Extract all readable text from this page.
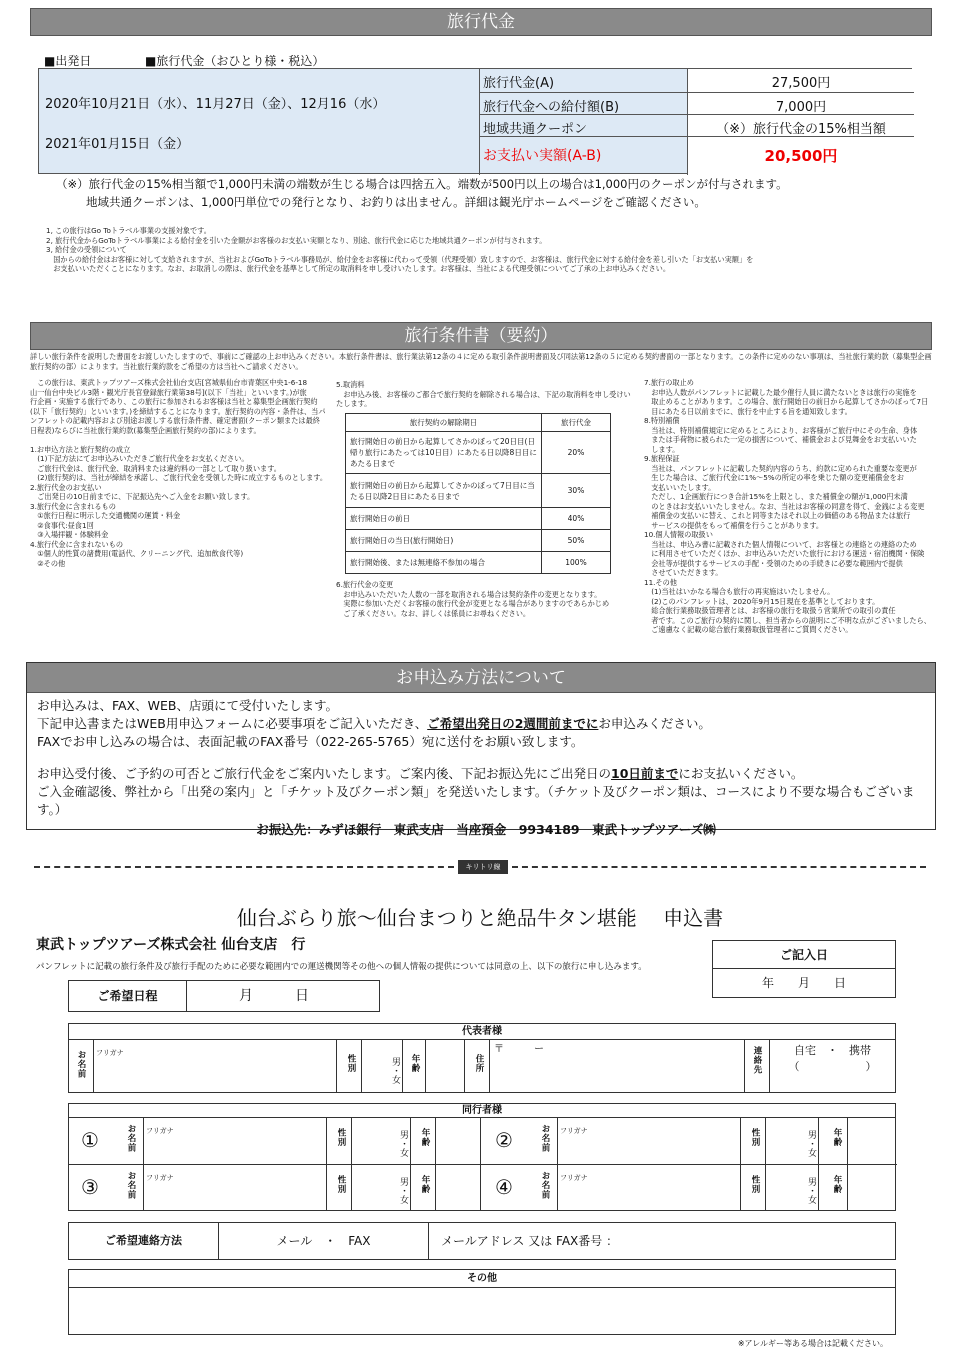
旅行代金
■出発日	■旅行代金（おひとり様・税込）
2020年10月21日（水）、11月27日（金）、12月16（水）
2021年01月15日（金）
旅行代金(A)	27,500円
旅行代金への給付額(B)	7,000円
地域共通クーポン	（※）旅行代金の15%相当額
お支払い実額(A-B)	20,500円
（※）旅行代金の15%相当額で1,000円未満の端数が生じる場合は四捨五入。端数が500円以上の場合は1,000円のクーポンが付与されます。
地域共通クーポンは、1,000円単位での発行となり、お釣りは出ません。詳細は観光庁ホームページをご確認ください。
1, この旅行はGo Toトラベル事業の支援対象です。
2, 旅行代金からGoToトラベル事業による給付金を引いた金額がお客様のお支払い実額となり、別途、旅行代金に応じた地域共通クーポンが付与されます。
3, 給付金の受領について
　国からの給付金はお客様に対して支給されますが、当社およびGoToトラベル事務局が、給付金をお客様に代わって受領（代理受領）致しますので、お客様は、旅行代金に対する給付金を差し引いた「お支払い実額」を
　お支払いいただくことになります。なお、お取消しの際は、旅行代金を基準として所定の取消料を申し受けいたします。お客様は、当社による代理受領についてご了承の上お申込みください。
旅行条件書（要約）
詳しい旅行条件を説明した書面をお渡しいたしますので、事前にご確認の上お申込みください。本旅行条件書は、旅行業法第12条の４に定める取引条件説明書面及び同法第12条の５に定める契約書面の一部となります。この条件に定めのない事項は、当社旅行業約款（募集型企画旅行契約の部）によります。当社旅行業約款をご希望の方は当社へご請求ください。
　この旅行は、東武トップツアーズ株式会社仙台支店[宮城県仙台市青葉区中央1-6-18
山一仙台中央ビル3階・観光庁長官登録旅行業第38号](以下「当社」といいます。)が旅
行企画・実施する旅行であり、この旅行に参加されるお客様は当社と募集型企画旅行契約
(以下「旅行契約」といいます。)を締結することになります。旅行契約の内容・条件は、当パ
ンフレットの記載内容および別途お渡しする旅行条件書、確定書面(クーポン類または最終
日程表)ならびに当社旅行業約款(募集型企画旅行契約の部)によります。

1.お申込方法と旅行契約の成立
　(1)下記方法にてお申込みいただきご旅行代金をお支払ください。
　ご旅行代金は、旅行代金、取消料または違約料の一部として取り扱います。
　(2)旅行契約は、当社が締結を承諾し、ご旅行代金を受領した時に成立するものとします。
2.旅行代金のお支払い
　ご出発日の10日前までに、下記振込先へご入金をお願い致します。
3.旅行代金に含まれるもの
　①旅行日程に明示した交通機関の運賃・料金
　②食事代:昼食1回
　③入場拝観・体験料金
4.旅行代金に含まれないもの
　①個人的性質の諸費用(電話代、クリーニング代、追加飲食代等)
　②その他
5.取消料
　お申込み後、お客様のご都合で旅行契約を解除される場合は、下記の取消料を申し受けいたします。
旅行契約の解除期日	旅行代金
旅行開始日の前日から起算してさかのぼって20日目(日帰り旅行にあたっては10日目）にあたる日以降8日目にあたる日まで	20%
旅行開始日の前日から起算してさかのぼって7日目に当たる日以降2日目にあたる日まで	30%
旅行開始日の前日	40%
旅行開始日の当日(旅行開始日)	50%
旅行開始後、または無連絡不参加の場合	100%
6.旅行代金の変更
　お申込みいただいた人数の一部を取消される場合は契約条件の変更となります。
　実際に参加いただくお客様の旅行代金が変更となる場合がありますのであらかじめ
　ご了承ください。なお、詳しくは係員にお尋ねください。
7.旅行の取止め
　お申込人数がパンフレットに記載した最少催行人員に満たないときは旅行の実施を
　取止めることがあります。この場合、旅行開始日の前日から起算してさかのぼって7日
　目にあたる日以前までに、旅行を中止する旨を通知致します。
8.特別補償
　当社は、特別補償規定に定めるところにより、お客様がご旅行中にその生命、身体
　または手荷物に被られた一定の損害について、補償金および見舞金をお支払いいた
　します。
9.旅程保証
　当社は、パンフレットに記載した契約内容のうち、約款に定められた重要な変更が
　生じた場合は、ご旅行代金に1%～5%の所定の率を乗じた額の変更補償金をお
　支払いいたします。
　ただし、1企画旅行につき合計15%を上限とし、また補償金の額が1,000円未満
　のときはお支払いいたしません。なお、当社はお客様の同意を得て、金銭による変更
　補償金の支払いに替え、これと同等またはそれ以上の価値のある物品または旅行
　サービスの提供をもって補償を行うことがあります。
10.個人情報の取扱い
　当社は、申込み書に記載された個人情報について、お客様との連絡との連絡のため
　に利用させていただくほか、お申込みいただいた旅行における運送・宿泊機関・保険
　会社等が提供するサービスの手配・受領のための手続きに必要な範囲内で提供
　させていただきます。
11.その他
　(1)当社はいかなる場合も旅行の再実施はいたしません。
　(2)このパンフレットは、2020年9月15日現在を基準としております。
　総合旅行業務取扱管理者とは、お客様の旅行を取扱う営業所での取引の責任
　者です。このご旅行の契約に関し、担当者からの説明にご不明な点がございましたら、
　ご遠慮なく記載の総合旅行業務取扱管理者にご質問ください。
お申込み方法について
お申込みは、FAX、WEB、店頭にて受付いたします。
下記申込書またはWEB用申込フォームに必要事項をご記入いただき、ご希望出発日の2週間前までにお申込みください。
FAXでお申し込みの場合は、表面記載のFAX番号（022-265-5765）宛に送付をお願い致します。
お申込受付後、ご予約の可否とご旅行代金をご案内いたします。ご案内後、下記お振込先にご出発日の10日前までにお支払いください。
ご入金確認後、弊社から「出発の案内」と「チケット及びクーポン類」を発送いたします。（チケット及びクーポン類は、コースにより不要な場合もございます。）
お振込先：みずほ銀行　東武支店　当座預金　9934189　東武トップツアーズ㈱
キリトリ線
仙台ぶらり旅～仙台まつりと絶品牛タン堪能　 申込書
東武トップツアーズ株式会社 仙台支店　行
パンフレットに記載の旅行条件及び旅行手配のために必要な範囲内での運送機関等その他への個人情報の提供については同意の上、以下の旅行に申し込みます。
ご記入日
年　　月　　日
ご希望日程	月　　　日
代表者様
お名前	フリガナ
性別	男・女	年齢	住所
〒　　　ー	連絡先	自宅　・　携帯
（　　　　　　）
同行者様
①	お名前	フリガナ	性別	男・女	年齢	②	お名前	フリガナ	性別	男・女	年齢
③	お名前	フリガナ	性別	男・女	年齢	④	お名前	フリガナ	性別	男・女	年齢
ご希望連絡方法	メール　・　FAX	メールアドレス 又は FAX番号 ：
その他
※アレルギー等ある場合は記載ください。
